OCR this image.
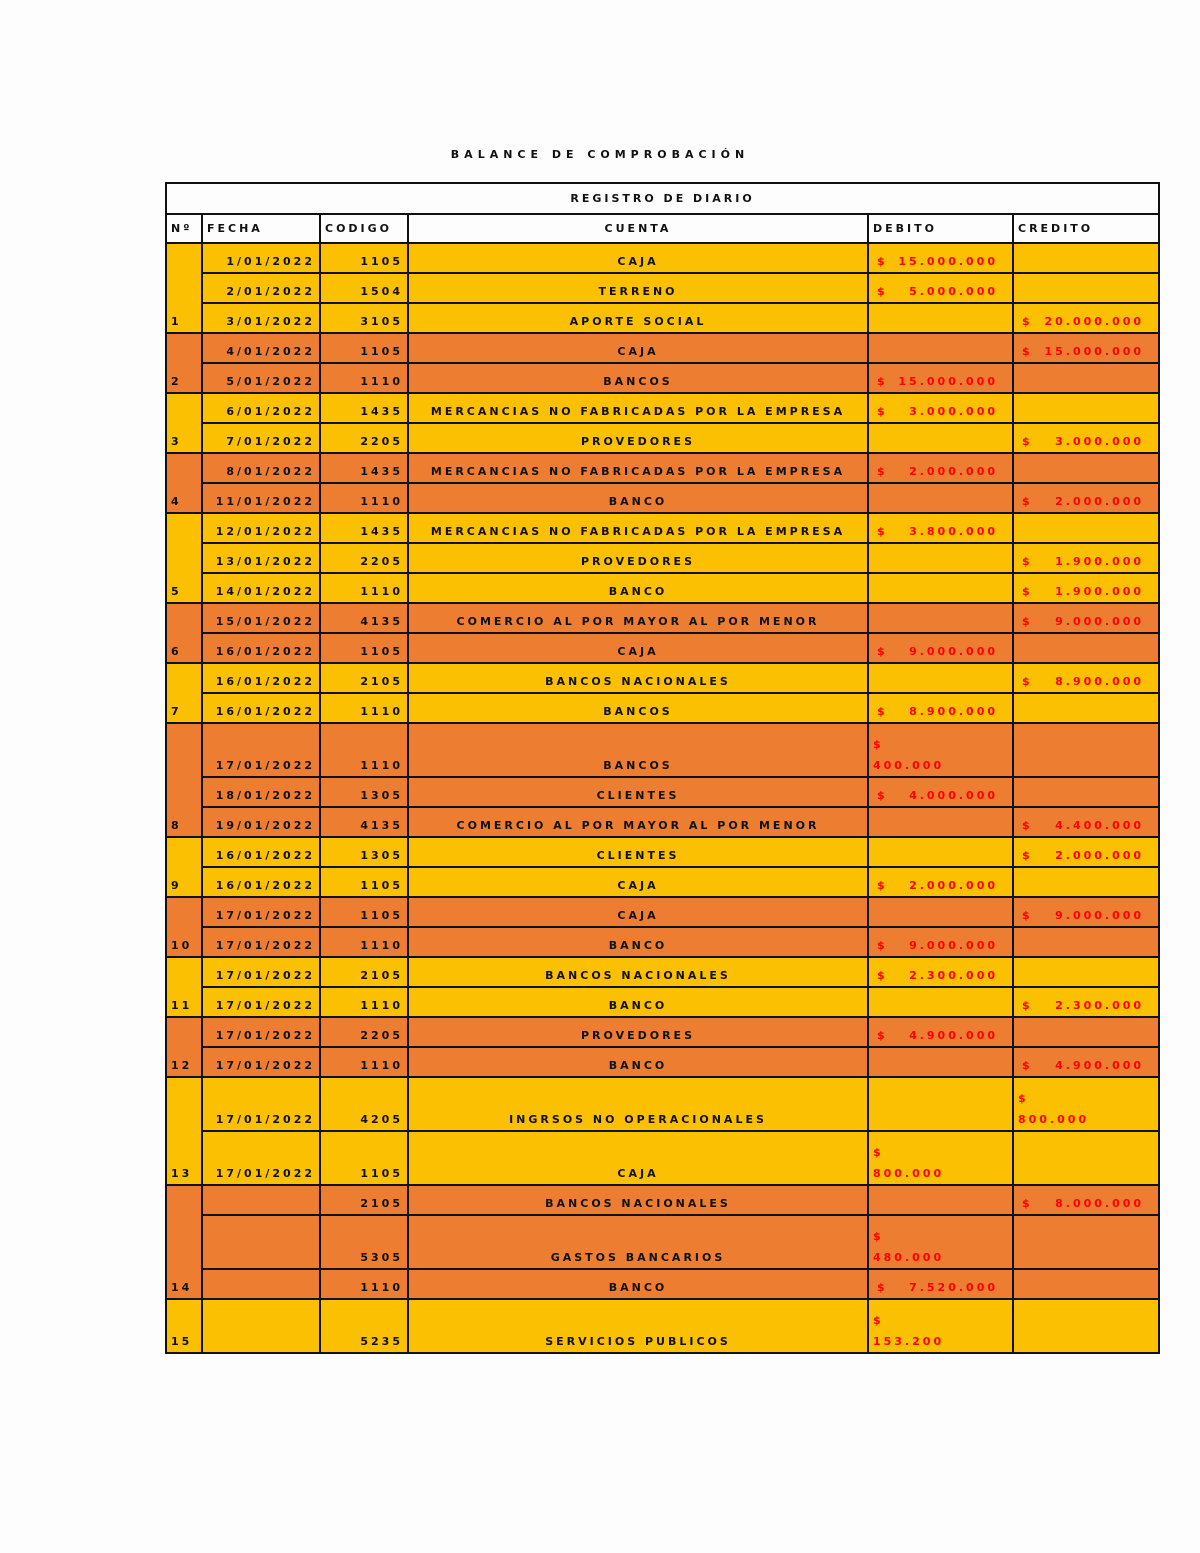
BALANCE DE COMPROBACIÓN
REGISTRO DE DIARIO					
Nº	FECHA	CODIGO	CUENTA	DEBITO	CREDITO
1	1/01/2022	1105	CAJA	$ 15.000.000	

	2/01/2022	1504	TERRENO	$ 5.000.000	

	3/01/2022	3105	APORTE SOCIAL		$ 20.000.000

2	4/01/2022	1105	CAJA		$ 15.000.000

	5/01/2022	1110	BANCOS	$ 15.000.000	

3	6/01/2022	1435	MERCANCIAS NO FABRICADAS POR LA EMPRESA	$ 3.000.000	

	7/01/2022	2205	PROVEDORES		$ 3.000.000

4	8/01/2022	1435	MERCANCIAS NO FABRICADAS POR LA EMPRESA	$ 2.000.000	

	11/01/2022	1110	BANCO		$ 2.000.000

5	12/01/2022	1435	MERCANCIAS NO FABRICADAS POR LA EMPRESA	$ 3.800.000	

	13/01/2022	2205	PROVEDORES		$ 1.900.000

	14/01/2022	1110	BANCO		$ 1.900.000

6	15/01/2022	4135	COMERCIO AL POR MAYOR AL POR MENOR		$ 9.000.000

	16/01/2022	1105	CAJA	$ 9.000.000	

7	16/01/2022	2105	BANCOS NACIONALES		$ 8.900.000

	16/01/2022	1110	BANCOS	$ 8.900.000	

8	17/01/2022	1110	BANCOS	$
400.000	

	18/01/2022	1305	CLIENTES	$ 4.000.000	

	19/01/2022	4135	COMERCIO AL POR MAYOR AL POR MENOR		$ 4.400.000

9	16/01/2022	1305	CLIENTES		$ 2.000.000

	16/01/2022	1105	CAJA	$ 2.000.000	

10	17/01/2022	1105	CAJA		$ 9.000.000

	17/01/2022	1110	BANCO	$ 9.000.000	

11	17/01/2022	2105	BANCOS NACIONALES	$ 2.300.000	

	17/01/2022	1110	BANCO		$ 2.300.000

12	17/01/2022	2205	PROVEDORES	$ 4.900.000	

	17/01/2022	1110	BANCO		$ 4.900.000

13	17/01/2022	4205	INGRSOS NO OPERACIONALES		$
800.000

	17/01/2022	1105	CAJA	$
800.000	

14		2105	BANCOS NACIONALES		$ 8.000.000

		5305	GASTOS BANCARIOS	$
480.000	

		1110	BANCO	$ 7.520.000	

15		5235	SERVICIOS PUBLICOS	$
153.200	
